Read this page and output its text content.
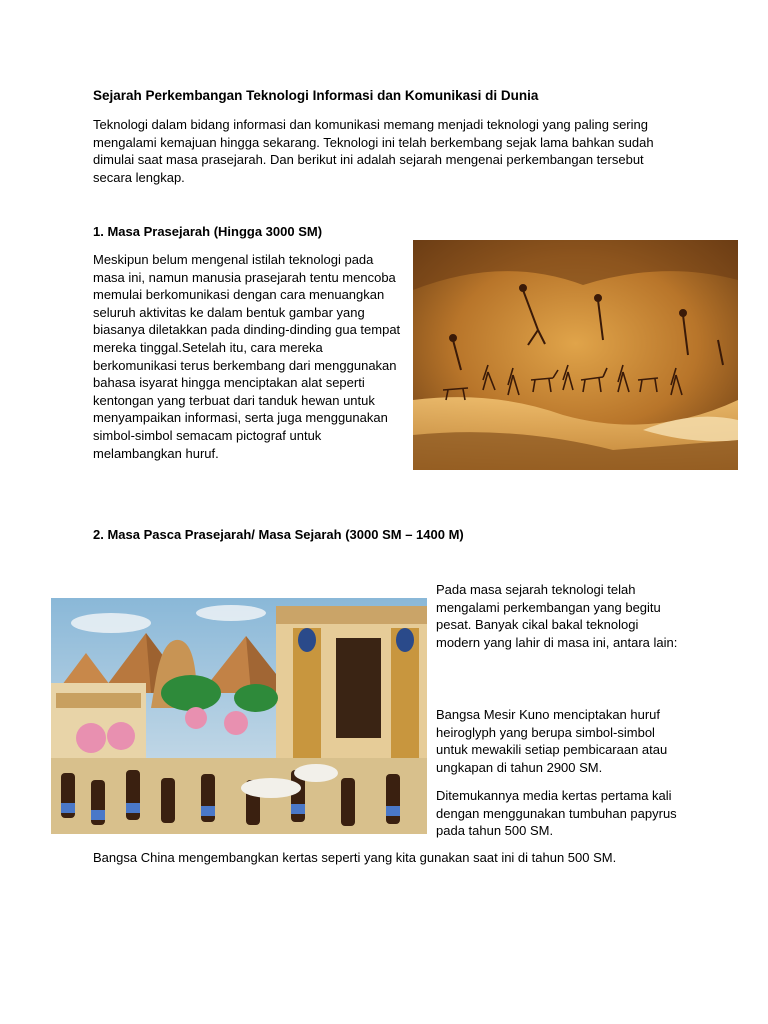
Sejarah Perkembangan Teknologi Informasi dan Komunikasi di Dunia

Teknologi dalam bidang informasi dan komunikasi memang menjadi teknologi yang paling sering mengalami kemajuan hingga sekarang. Teknologi ini telah berkembang sejak lama bahkan sudah dimulai saat masa prasejarah. Dan berikut ini adalah sejarah mengenai perkembangan tersebut secara lengkap.

1. Masa Prasejarah (Hingga 3000 SM)

Meskipun belum mengenal istilah teknologi pada masa ini, namun manusia prasejarah tentu mencoba memulai berkomunikasi dengan cara menuangkan seluruh aktivitas ke dalam bentuk gambar yang biasanya diletakkan pada dinding-dinding gua tempat mereka tinggal.Setelah itu, cara mereka berkomunikasi terus berkembang dari menggunakan bahasa isyarat hingga menciptakan alat seperti kentongan yang terbuat dari tanduk hewan untuk menyampaikan informasi, serta juga menggunakan simbol-simbol semacam pictograf untuk melambangkan huruf.

2. Masa Pasca Prasejarah/ Masa Sejarah (3000 SM – 1400 M)

Pada masa sejarah teknologi telah mengalami perkembangan yang begitu pesat. Banyak cikal bakal teknologi modern yang lahir di masa ini, antara lain:

Bangsa Mesir Kuno menciptakan huruf heiroglyph yang berupa simbol-simbol untuk mewakili setiap pembicaraan atau ungkapan di tahun 2900 SM.

Ditemukannya media kertas pertama kali dengan menggunakan tumbuhan papyrus pada tahun 500 SM.

Bangsa China mengembangkan kertas seperti yang kita gunakan saat ini di tahun 500 SM.
